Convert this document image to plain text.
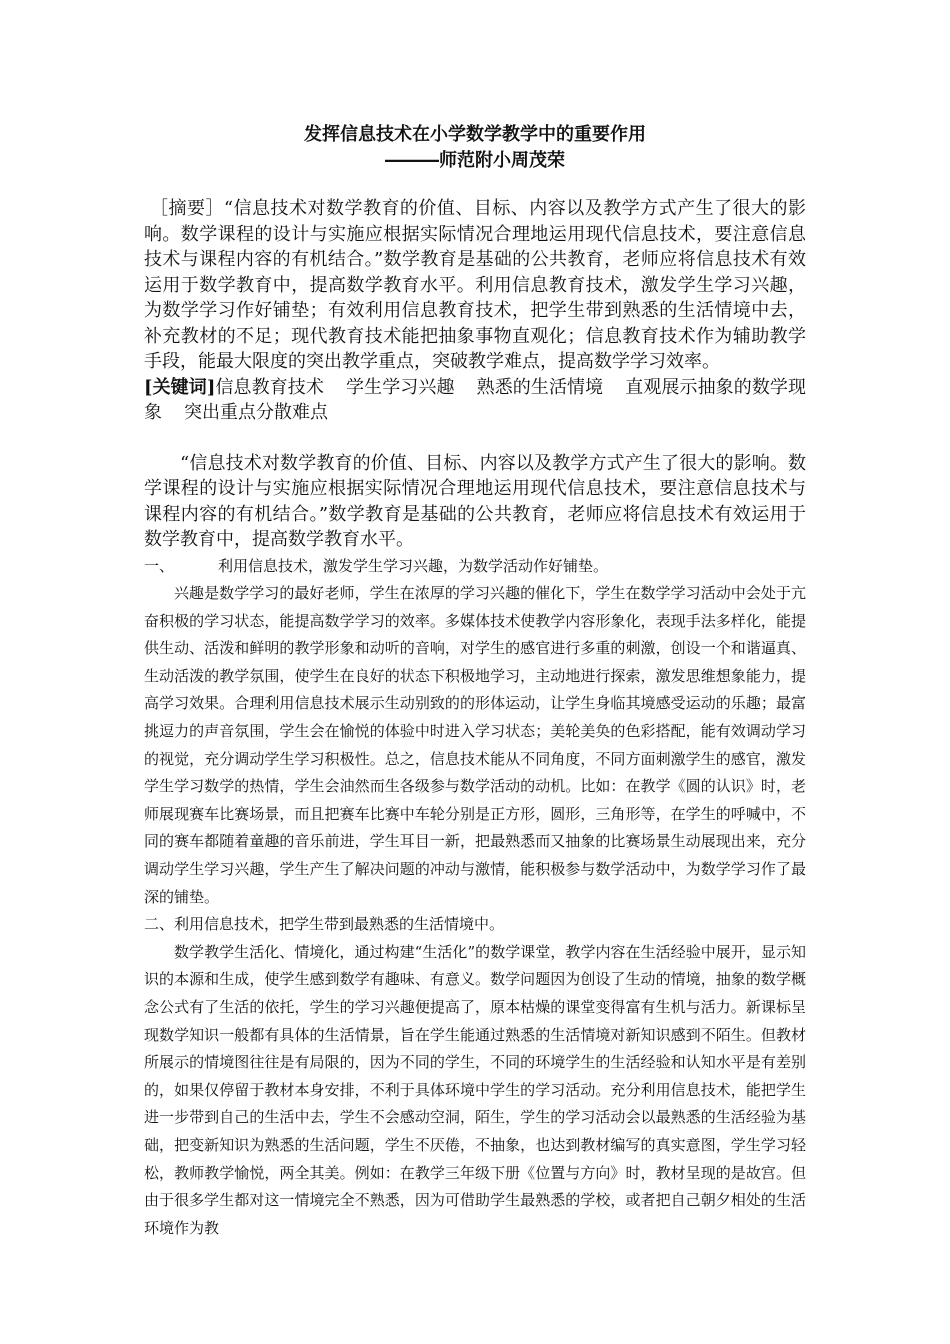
发挥信息技术在小学数学教学中的重要作用

―――师范附小周茂荣

［摘要］“信息技术对数学教育的价值、目标、内容以及教学方式产生了很大的影响。数学课程的设计与实施应根据实际情况合理地运用现代信息技术，要注意信息技术与课程内容的有机结合。”数学教育是基础的公共教育，老师应将信息技术有效运用于数学教育中，提高数学教育水平。利用信息教育技术，激发学生学习兴趣，为数学学习作好铺垫；有效利用信息教育技术，把学生带到熟悉的生活情境中去，补充教材的不足；现代教育技术能把抽象事物直观化；信息教育技术作为辅助教学手段，能最大限度的突出教学重点，突破教学难点，提高数学学习效率。

[关键词]信息教育技术 学生学习兴趣 熟悉的生活情境 直观展示抽象的数学现象 突出重点分散难点

“信息技术对数学教育的价值、目标、内容以及教学方式产生了很大的影响。数学课程的设计与实施应根据实际情况合理地运用现代信息技术，要注意信息技术与课程内容的有机结合。”数学教育是基础的公共教育，老师应将信息技术有效运用于数学教育中，提高数学教育水平。

一、	利用信息技术，激发学生学习兴趣，为数学活动作好铺垫。

兴趣是数学学习的最好老师，学生在浓厚的学习兴趣的催化下，学生在数学学习活动中会处于亢奋积极的学习状态，能提高数学学习的效率。多媒体技术使教学内容形象化，表现手法多样化，能提供生动、活泼和鲜明的教学形象和动听的音响，对学生的感官进行多重的刺激，创设一个和谐逼真、生动活泼的教学氛围，使学生在良好的状态下积极地学习，主动地进行探索，激发思维想象能力，提高学习效果。合理利用信息技术展示生动别致的的形体运动，让学生身临其境感受运动的乐趣；最富挑逗力的声音氛围，学生会在愉悦的体验中时进入学习状态；美轮美奂的色彩搭配，能有效调动学习的视觉，充分调动学生学习积极性。总之，信息技术能从不同角度，不同方面刺激学生的感官，激发学生学习数学的热情，学生会油然而生各级参与数学活动的动机。比如：在教学《圆的认识》时，老师展现赛车比赛场景，而且把赛车比赛中车轮分别是正方形，圆形，三角形等，在学生的呼喊中，不同的赛车都随着童趣的音乐前进，学生耳目一新，把最熟悉而又抽象的比赛场景生动展现出来，充分调动学生学习兴趣，学生产生了解决问题的冲动与激情，能积极参与数学活动中，为数学学习作了最深的铺垫。

二、利用信息技术，把学生带到最熟悉的生活情境中。

数学教学生活化、情境化，通过构建“生活化”的数学课堂，教学内容在生活经验中展开，显示知识的本源和生成，使学生感到数学有趣味、有意义。数学问题因为创设了生动的情境，抽象的数学概念公式有了生活的依托，学生的学习兴趣便提高了，原本枯燥的课堂变得富有生机与活力。新课标呈现数学知识一般都有具体的生活情景，旨在学生能通过熟悉的生活情境对新知识感到不陌生。但教材所展示的情境图往往是有局限的，因为不同的学生，不同的环境学生的生活经验和认知水平是有差别的，如果仅停留于教材本身安排，不利于具体环境中学生的学习活动。充分利用信息技术，能把学生进一步带到自己的生活中去，学生不会感动空洞，陌生，学生的学习活动会以最熟悉的生活经验为基础，把变新知识为熟悉的生活问题，学生不厌倦，不抽象，也达到教材编写的真实意图，学生学习轻松，教师教学愉悦，两全其美。例如：在教学三年级下册《位置与方向》时，教材呈现的是故宫。但由于很多学生都对这一情境完全不熟悉，因为可借助学生最熟悉的学校，或者把自己朝夕相处的生活环境作为教
